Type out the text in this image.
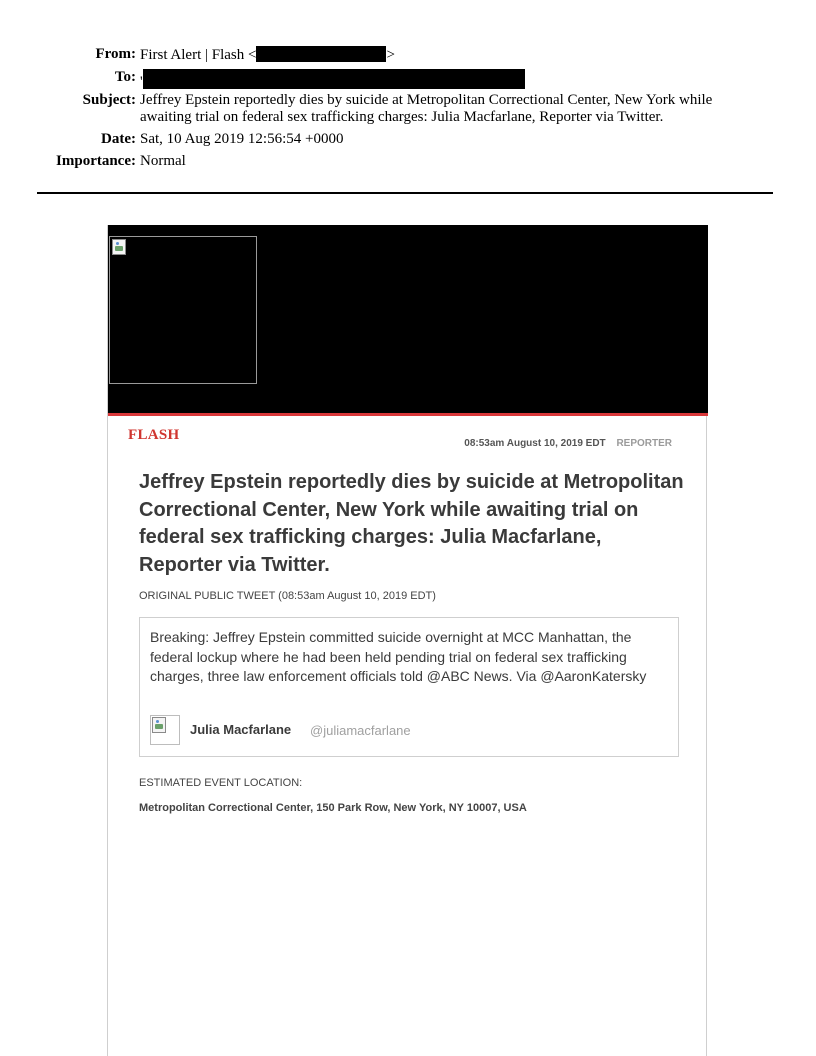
From: First Alert | Flash <	>
To: '
Subject: Jeffrey Epstein reportedly dies by suicide at Metropolitan Correctional Center, New York while awaiting trial on federal sex trafficking charges: Julia Macfarlane, Reporter via Twitter.
Date: Sat, 10 Aug 2019 12:56:54 +0000
Importance: Normal
FLASH
08:53am August 10, 2019 EDT REPORTER
Jeffrey Epstein reportedly dies by suicide at Metropolitan Correctional Center, New York while awaiting trial on federal sex trafficking charges: Julia Macfarlane, Reporter via Twitter.
ORIGINAL PUBLIC TWEET (08:53am August 10, 2019 EDT)
Breaking: Jeffrey Epstein committed suicide overnight at MCC Manhattan, the federal lockup where he had been held pending trial on federal sex trafficking charges, three law enforcement officials told @ABC News. Via @AaronKatersky
Julia Macfarlane @juliamacfarlane
ESTIMATED EVENT LOCATION:
Metropolitan Correctional Center, 150 Park Row, New York, NY 10007, USA
